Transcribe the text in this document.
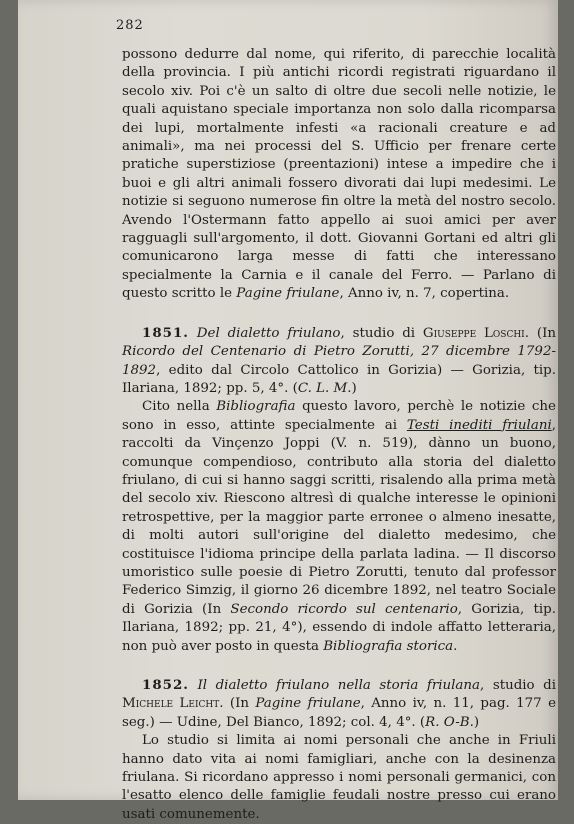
282

possono dedurre dal nome, qui riferito, di parecchie località della provincia. I più antichi ricordi registrati riguardano il secolo xiv. Poi c'è un salto di oltre due secoli nelle notizie, le quali aquistano speciale importanza non solo dalla ricomparsa dei lupi, mortalmente infesti «a racionali creature e ad animali», ma nei processi del S. Ufficio per frenare certe pratiche superstiziose (preentazioni) intese a impedire che i buoi e gli altri animali fossero divorati dai lupi medesimi. Le notizie si seguono numerose fin oltre la metà del nostro secolo. Avendo l'Ostermann fatto appello ai suoi amici per aver ragguagli sull'argomento, il dott. Giovanni Gortani ed altri gli comunicarono larga messe di fatti che interessano specialmente la Carnia e il canale del Ferro. — Parlano di questo scritto le Pagine friulane, Anno iv, n. 7, copertina.

1851. Del dialetto friulano, studio di Giuseppe Loschi. (In Ricordo del Centenario di Pietro Zorutti, 27 dicembre 1792-1892, edito dal Circolo Cattolico in Gorizia) — Gorizia, tip. Ilariana, 1892; pp. 5, 4°. (C. L. M.)

Cito nella Bibliografia questo lavoro, perchè le notizie che sono in esso, attinte specialmente ai Testi inediti friulani, raccolti da Vinçenzo Joppi (V. n. 519), dànno un buono, comunque compendioso, contributo alla storia del dialetto friulano, di cui si hanno saggi scritti, risalendo alla prima metà del secolo xiv. Riescono altresì di qualche interesse le opinioni retrospettive, per la maggior parte erronee o almeno inesatte, di molti autori sull'origine del dialetto medesimo, che costituisce l'idioma principe della parlata ladina. — Il discorso umoristico sulle poesie di Pietro Zorutti, tenuto dal professor Federico Simzig, il giorno 26 dicembre 1892, nel teatro Sociale di Gorizia (In Secondo ricordo sul centenario, Gorizia, tip. Ilariana, 1892; pp. 21, 4°), essendo di indole affatto letteraria, non può aver posto in questa Bibliografia storica.

1852. Il dialetto friulano nella storia friulana, studio di Michele Leicht. (In Pagine friulane, Anno iv, n. 11, pag. 177 e seg.) — Udine, Del Bianco, 1892; col. 4, 4°. (R. O-B.)

Lo studio si limita ai nomi personali che anche in Friuli hanno dato vita ai nomi famigliari, anche con la desinenza friulana. Si ricordano appresso i nomi personali germanici, con l'esatto elenco delle famiglie feudali nostre presso cui erano usati comunemente.
